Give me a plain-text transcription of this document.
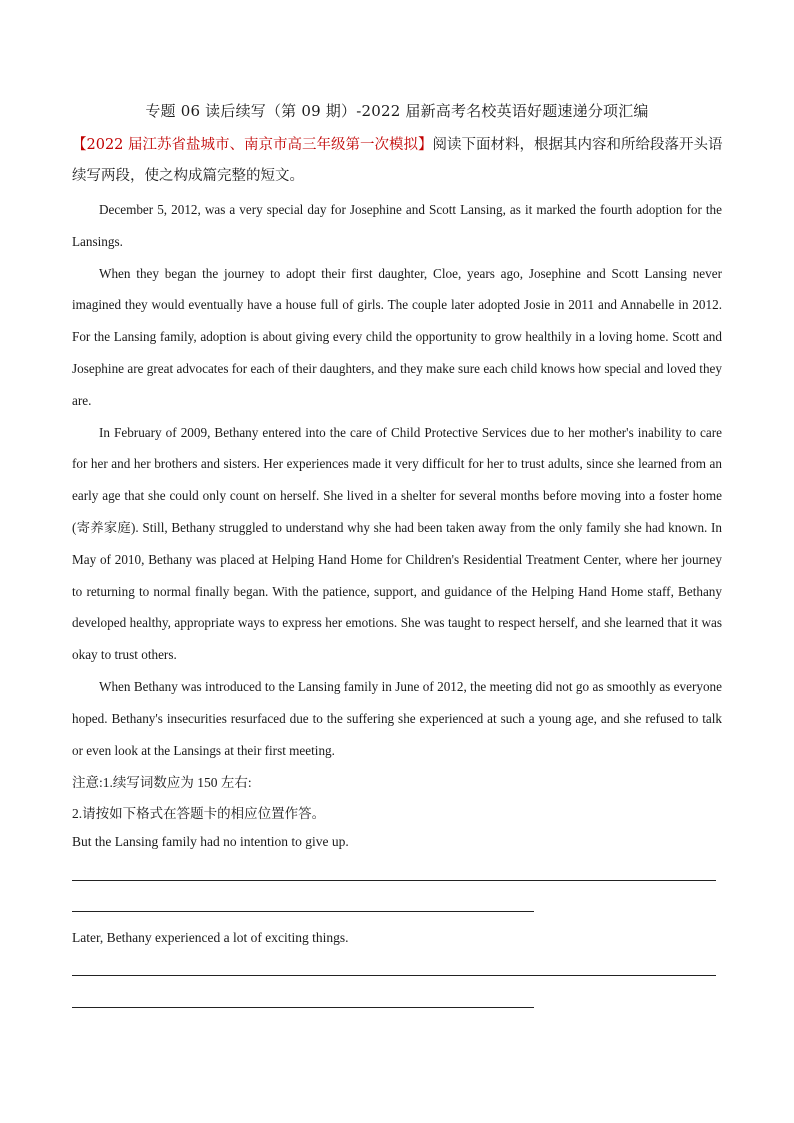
专题 06 读后续写（第 09 期）-2022 届新高考名校英语好题速递分项汇编
【2022 届江苏省盐城市、南京市高三年级第一次模拟】阅读下面材料，根据其内容和所给段落开头语续写两段，使之构成篇完整的短文。

December 5, 2012, was a very special day for Josephine and Scott Lansing, as it marked the fourth adoption for the Lansings.

When they began the journey to adopt their first daughter, Cloe, years ago, Josephine and Scott Lansing never imagined they would eventually have a house full of girls. The couple later adopted Josie in 2011 and Annabelle in 2012. For the Lansing family, adoption is about giving every child the opportunity to grow healthily in a loving home. Scott and Josephine are great advocates for each of their daughters, and they make sure each child knows how special and loved they are.

In February of 2009, Bethany entered into the care of Child Protective Services due to her mother's inability to care for her and her brothers and sisters. Her experiences made it very difficult for her to trust adults, since she learned from an early age that she could only count on herself. She lived in a shelter for several months before moving into a foster home (寄养家庭). Still, Bethany struggled to understand why she had been taken away from the only family she had known. In May of 2010, Bethany was placed at Helping Hand Home for Children's Residential Treatment Center, where her journey to returning to normal finally began. With the patience, support, and guidance of the Helping Hand Home staff, Bethany developed healthy, appropriate ways to express her emotions. She was taught to respect herself, and she learned that it was okay to trust others.

When Bethany was introduced to the Lansing family in June of 2012, the meeting did not go as smoothly as everyone hoped. Bethany's insecurities resurfaced due to the suffering she experienced at such a young age, and she refused to talk or even look at the Lansings at their first meeting.

注意:1.续写词数应为 150 左右:

2.请按如下格式在答题卡的相应位置作答。

But the Lansing family had no intention to give up.
Later, Bethany experienced a lot of exciting things.
